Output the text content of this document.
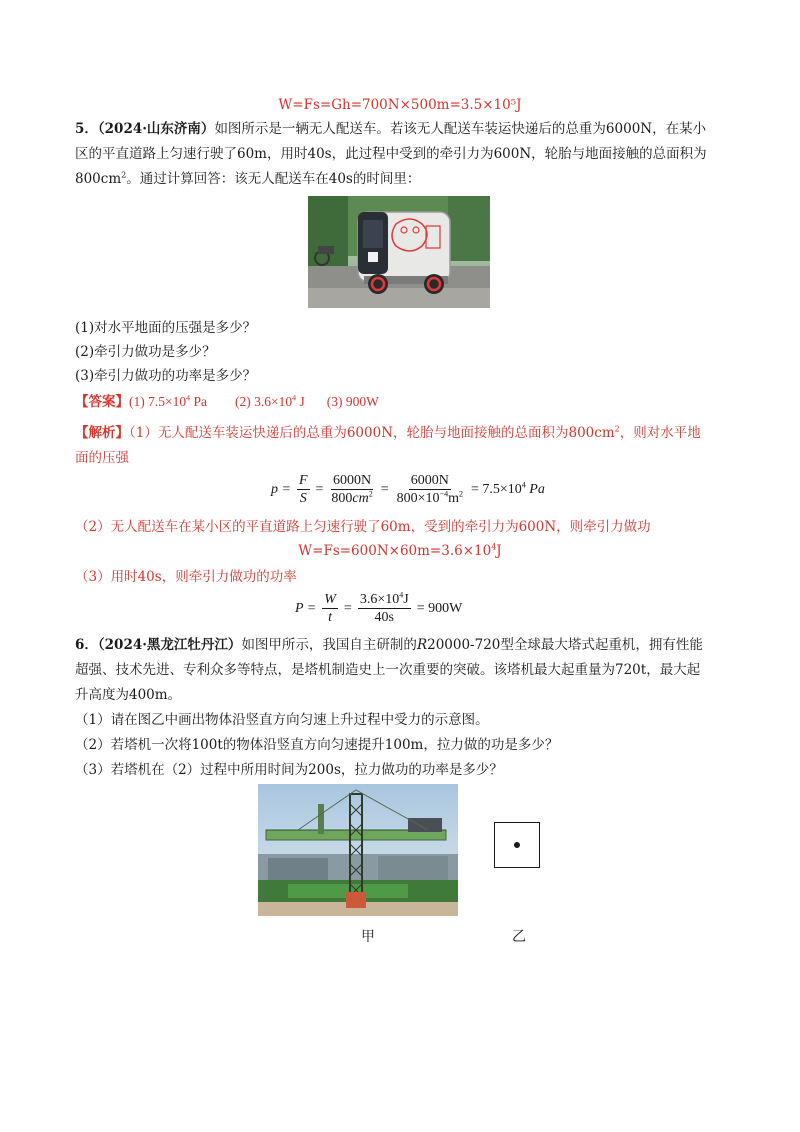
W=Fs=Gh=700N×500m=3.5×10⁵J
5．（2024·山东济南）如图所示是一辆无人配送车。若该无人配送车装运快递后的总重为6000N，在某小
区的平直道路上匀速行驶了60m，用时40s，此过程中受到的牵引力为600N，轮胎与地面接触的总面积为
$800cm^2$。通过计算回答：该无人配送车在40s的时间里：
(1)对水平地面的压强是多少？
(2)牵引力做功是多少？
(3)牵引力做功的功率是多少？
【答案】(1) $7.5\times 10^4$ Pa (2) $3.6\times 10^4$ J (3) 900W
【解析】（1）无人配送车装运快递后的总重为6000N，轮胎与地面接触的总面积为$800cm^2$，则对水平地
面的压强
$p = \frac{F}{S} = \frac{6000N}{800cm^2} = \frac{6000N}{800\times 10^{-4}m^2} = 7.5\times 10^4$ Pa
（2）无人配送车在某小区的平直道路上匀速行驶了60m，受到的牵引力为600N，则牵引力做功
$W=Fs=600N\times 60m=3.6\times 10^4J$
（3）用时40s，则牵引力做功的功率
$P = \frac{W}{t} = \frac{3.6\times 10^4J}{40s} = 900W$
6．（2024·黑龙江牡丹江）如图甲所示，我国自主研制的R20000-720型全球最大塔式起重机，拥有性能
超强、技术先进、专利众多等特点，是塔机制造史上一次重要的突破。该塔机最大起重量为720t，最大起
升高度为400m。
（1）请在图乙中画出物体沿竖直方向匀速上升过程中受力的示意图。
（2）若塔机一次将100t的物体沿竖直方向匀速提升100m，拉力做的功是多少？
（3）若塔机在（2）过程中所用时间为200s，拉力做功的功率是多少？
甲	乙
